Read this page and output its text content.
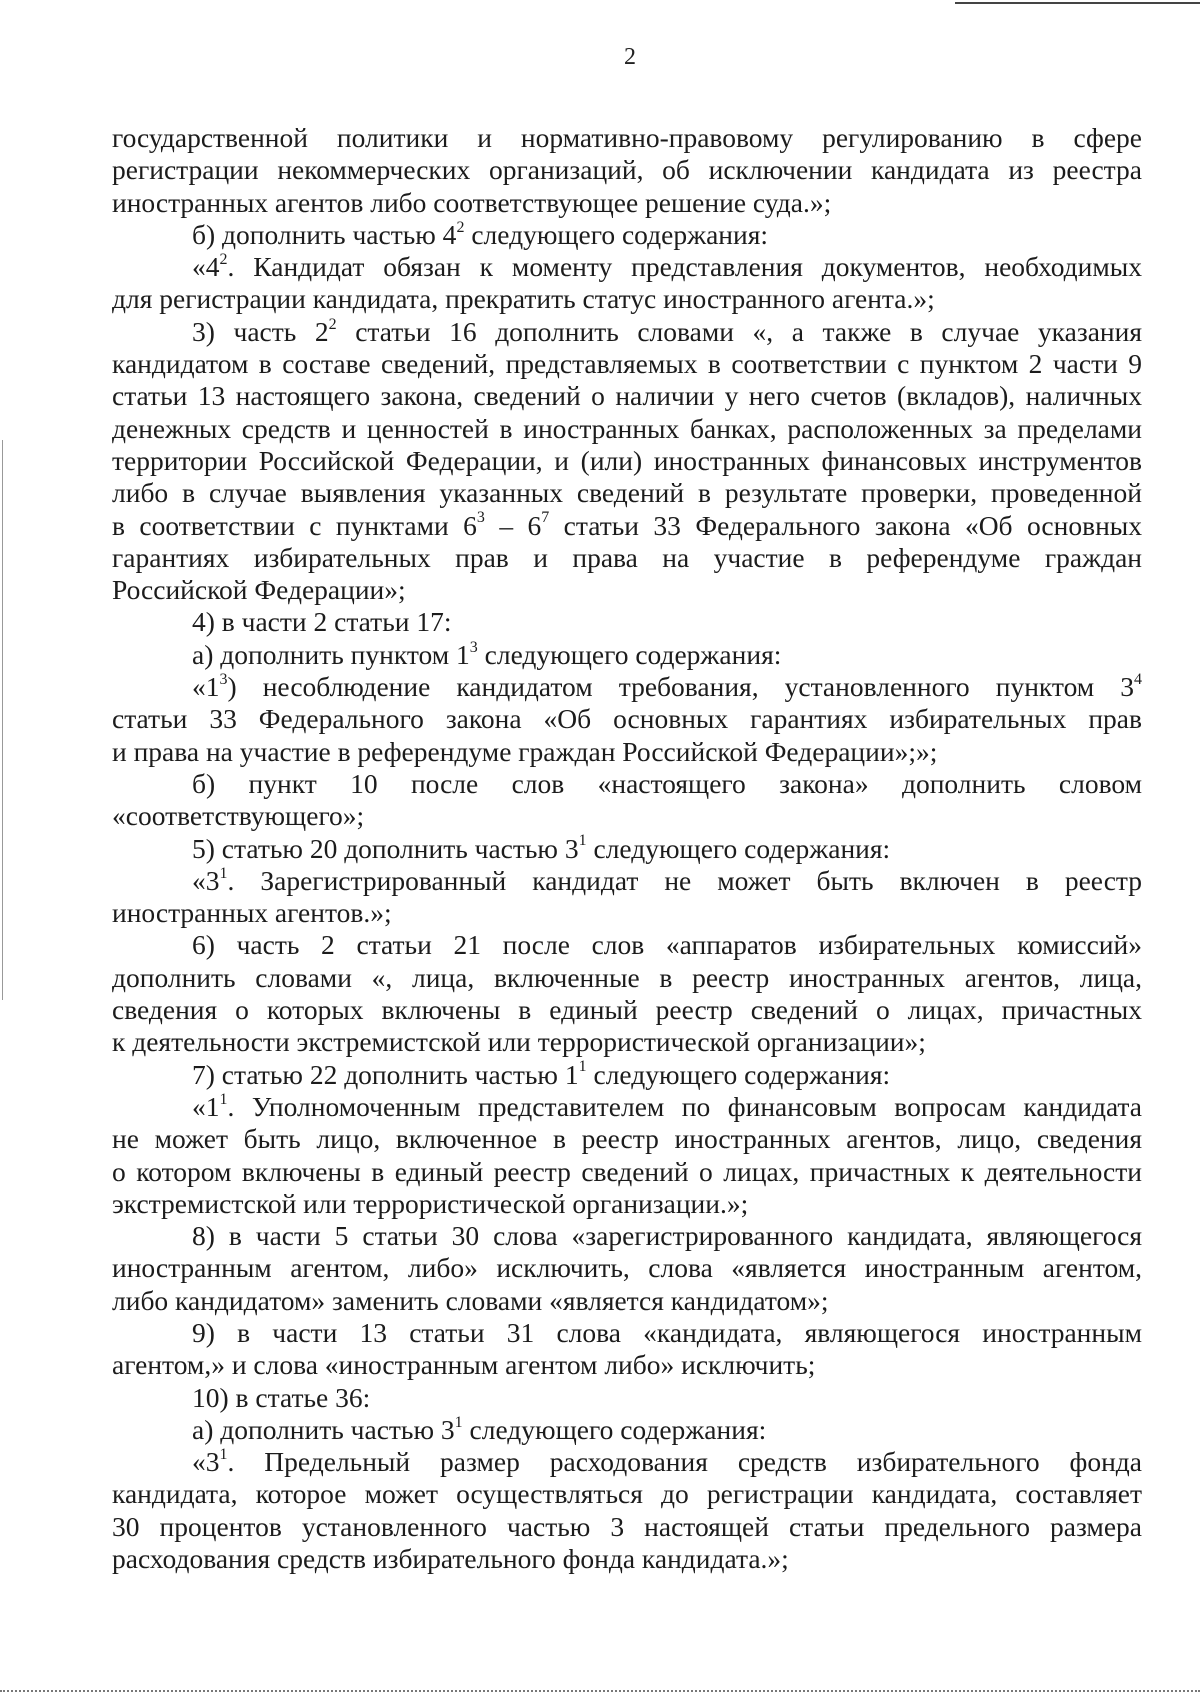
2
государственной политики и нормативно-правовому регулированию в сфере
регистрации некоммерческих организаций, об исключении кандидата из реестра
иностранных агентов либо соответствующее решение суда.»;
б) дополнить частью $4^2$ следующего содержания:
«$4^2$. Кандидат обязан к моменту представления документов, необходимых
для регистрации кандидата, прекратить статус иностранного агента.»;
3) часть $2^2$ статьи 16 дополнить словами «, а также в случае указания
кандидатом в составе сведений, представляемых в соответствии с пунктом 2 части 9
статьи 13 настоящего закона, сведений о наличии у него счетов (вкладов), наличных
денежных средств и ценностей в иностранных банках, расположенных за пределами
территории Российской Федерации, и (или) иностранных финансовых инструментов
либо в случае выявления указанных сведений в результате проверки, проведенной
в соответствии с пунктами $6^3 - 6^7$ статьи 33 Федерального закона «Об основных
гарантиях избирательных прав и права на участие в референдуме граждан
Российской Федерации»;
4) в части 2 статьи 17:
а) дополнить пунктом $1^3$ следующего содержания:
«$1^3$) несоблюдение кандидатом требования, установленного пунктом $3^4$
статьи 33 Федерального закона «Об основных гарантиях избирательных прав
и права на участие в референдуме граждан Российской Федерации»;»;
б) пункт 10 после слов «настоящего закона» дополнить словом
«соответствующего»;
5) статью 20 дополнить частью $3^1$ следующего содержания:
«$3^1$. Зарегистрированный кандидат не может быть включен в реестр
иностранных агентов.»;
6) часть 2 статьи 21 после слов «аппаратов избирательных комиссий»
дополнить словами «, лица, включенные в реестр иностранных агентов, лица,
сведения о которых включены в единый реестр сведений о лицах, причастных
к деятельности экстремистской или террористической организации»;
7) статью 22 дополнить частью $1^1$ следующего содержания:
«$1^1$. Уполномоченным представителем по финансовым вопросам кандидата
не может быть лицо, включенное в реестр иностранных агентов, лицо, сведения
о котором включены в единый реестр сведений о лицах, причастных к деятельности
экстремистской или террористической организации.»;
8) в части 5 статьи 30 слова «зарегистрированного кандидата, являющегося
иностранным агентом, либо» исключить, слова «является иностранным агентом,
либо кандидатом» заменить словами «является кандидатом»;
9) в части 13 статьи 31 слова «кандидата, являющегося иностранным
агентом,» и слова «иностранным агентом либо» исключить;
10) в статье 36:
а) дополнить частью $3^1$ следующего содержания:
«$3^1$. Предельный размер расходования средств избирательного фонда
кандидата, которое может осуществляться до регистрации кандидата, составляет
30 процентов установленного частью 3 настоящей статьи предельного размера
расходования средств избирательного фонда кандидата.»;
